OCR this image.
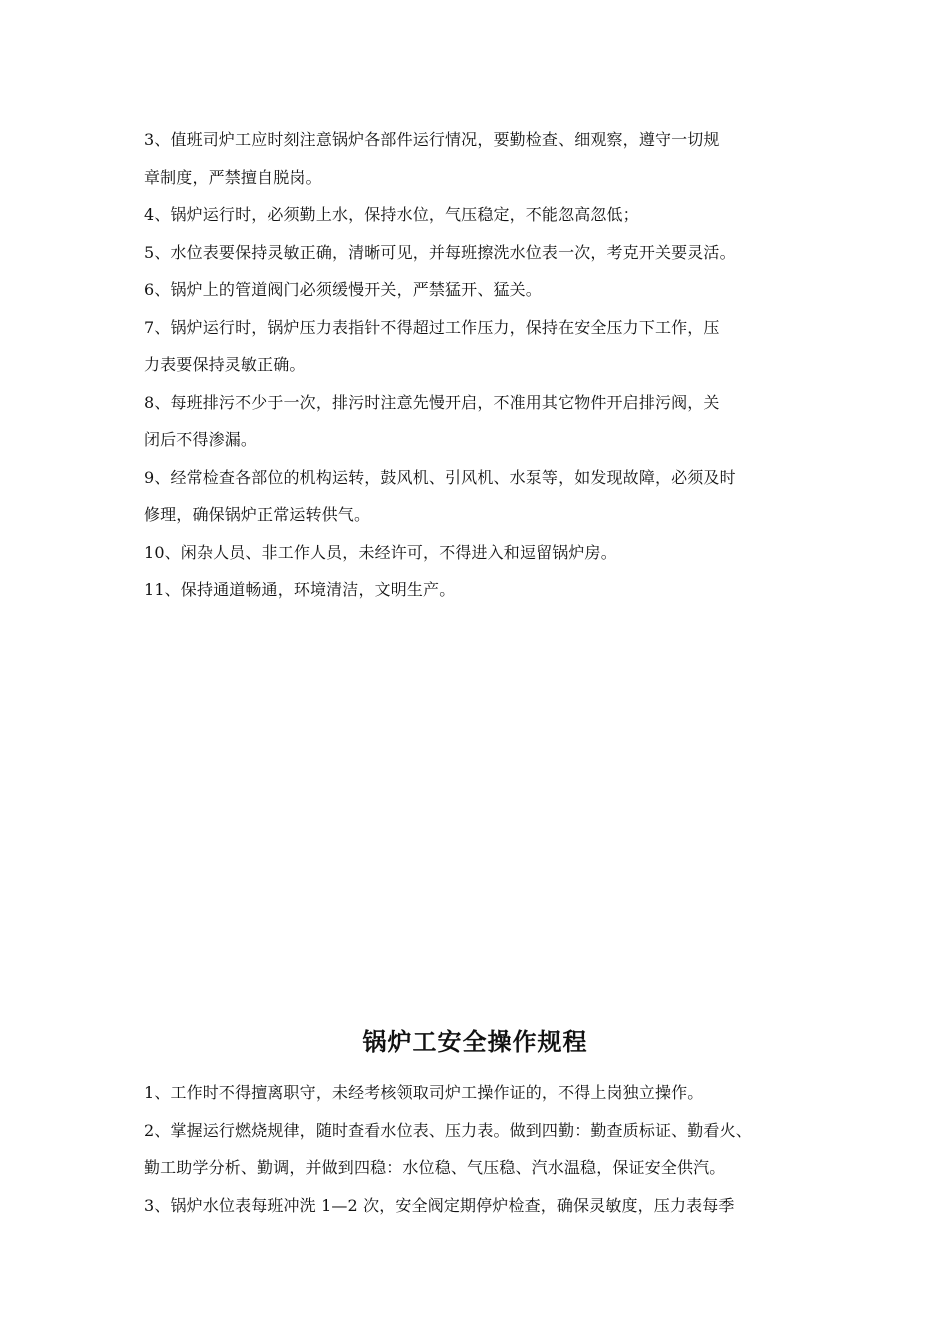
3、值班司炉工应时刻注意锅炉各部件运行情况，要勤检查、细观察，遵守一切规
章制度，严禁擅自脱岗。
4、锅炉运行时，必须勤上水，保持水位，气压稳定，不能忽高忽低；
5、水位表要保持灵敏正确，清晰可见，并每班擦洗水位表一次，考克开关要灵活。
6、锅炉上的管道阀门必须缓慢开关，严禁猛开、猛关。
7、锅炉运行时，锅炉压力表指针不得超过工作压力，保持在安全压力下工作，压
力表要保持灵敏正确。
8、每班排污不少于一次，排污时注意先慢开启，不准用其它物件开启排污阀，关
闭后不得渗漏。
9、经常检查各部位的机构运转，鼓风机、引风机、水泵等，如发现故障，必须及时
修理，确保锅炉正常运转供气。
10、闲杂人员、非工作人员，未经许可，不得进入和逗留锅炉房。
11、保持通道畅通，环境清洁，文明生产。
锅炉工安全操作规程
1、工作时不得擅离职守，未经考核领取司炉工操作证的，不得上岗独立操作。
2、掌握运行燃烧规律，随时查看水位表、压力表。做到四勤：勤查质标证、勤看火、
勤工助学分析、勤调，并做到四稳：水位稳、气压稳、汽水温稳，保证安全供汽。
3、锅炉水位表每班冲洗 1—2 次，安全阀定期停炉检查，确保灵敏度，压力表每季
